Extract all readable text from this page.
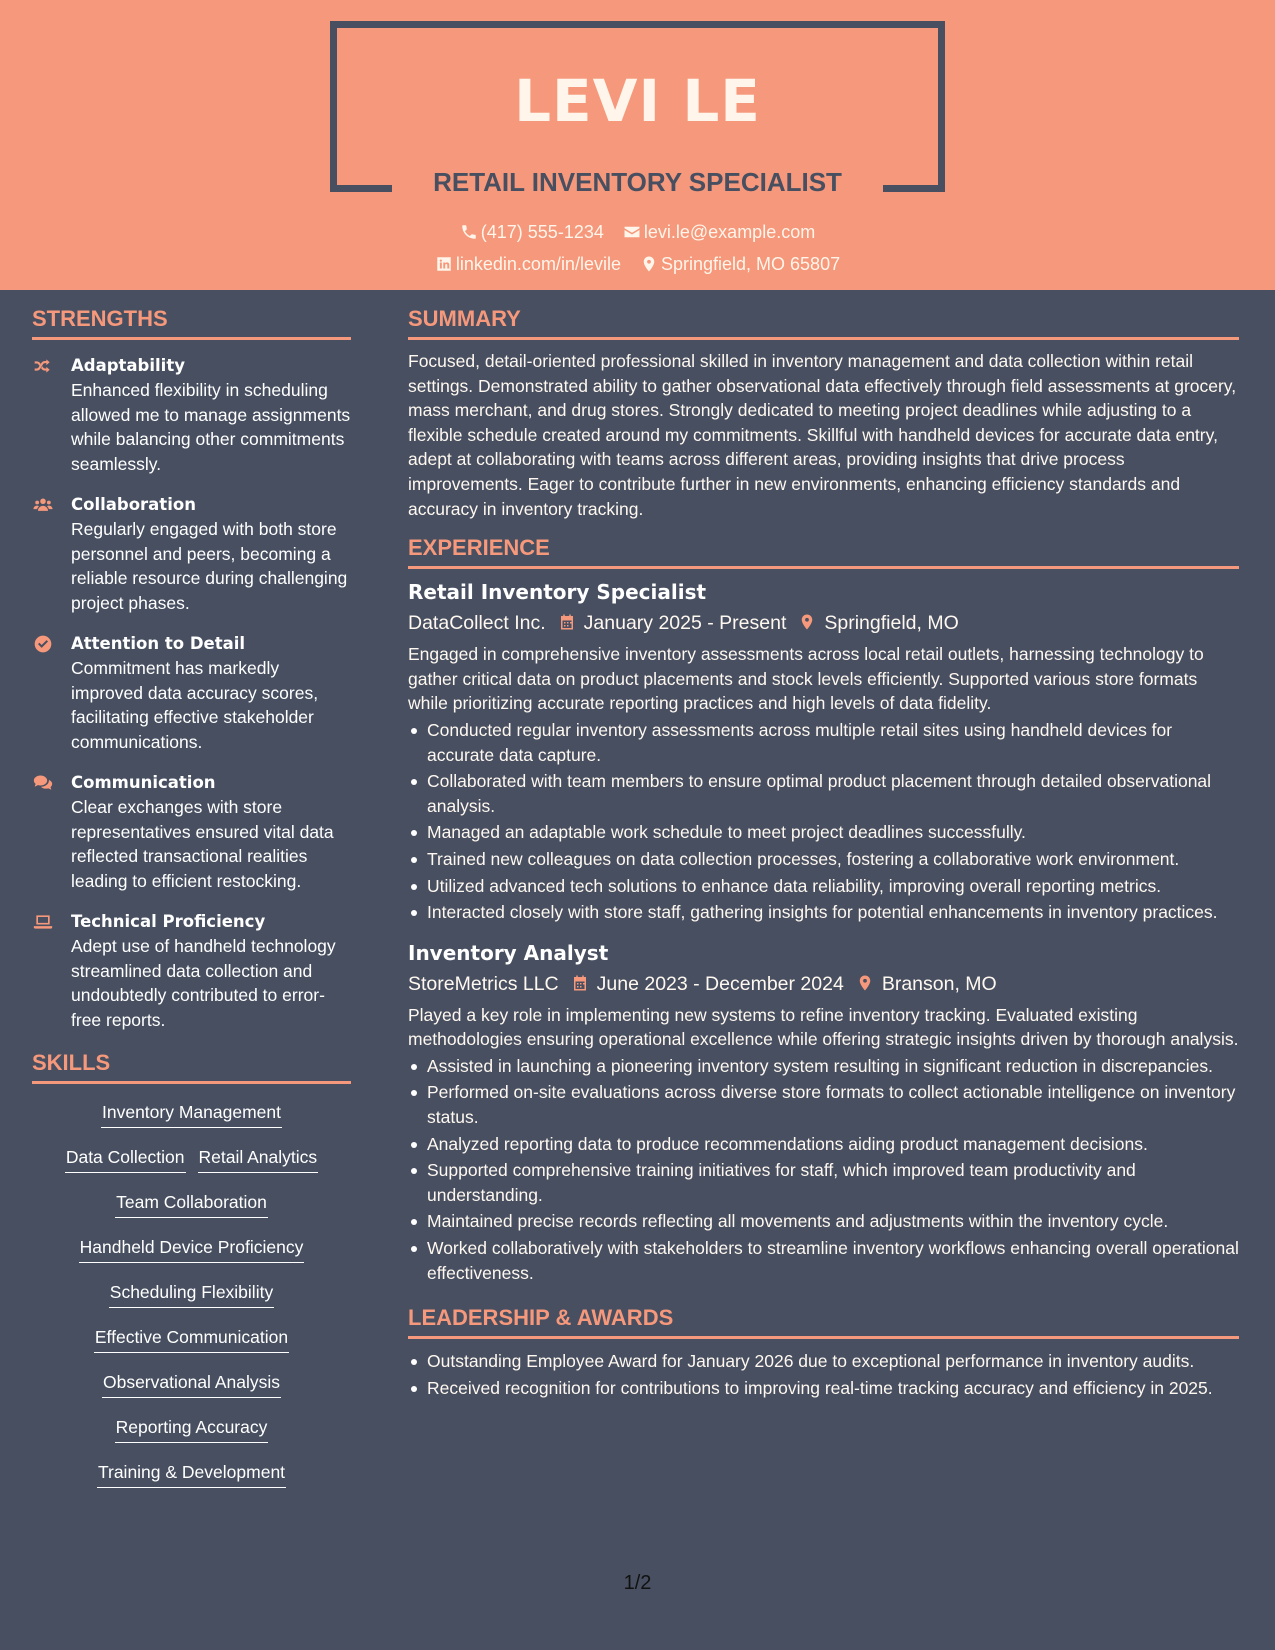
LEVI LE
RETAIL INVENTORY SPECIALIST
(417) 555-1234 levi.le@example.com
linkedin.com/in/levile Springfield, MO 65807
STRENGTHS
Adaptability
Enhanced flexibility in scheduling allowed me to manage assignments while balancing other commitments seamlessly.
Collaboration
Regularly engaged with both store personnel and peers, becoming a reliable resource during challenging project phases.
Attention to Detail
Commitment has markedly improved data accuracy scores, facilitating effective stakeholder communications.
Communication
Clear exchanges with store representatives ensured vital data reflected transactional realities leading to efficient restocking.
Technical Proficiency
Adept use of handheld technology streamlined data collection and undoubtedly contributed to error-free reports.
SKILLS
Inventory Management
Data Collection Retail Analytics
Team Collaboration
Handheld Device Proficiency
Scheduling Flexibility
Effective Communication
Observational Analysis
Reporting Accuracy
Training & Development
SUMMARY
Focused, detail-oriented professional skilled in inventory management and data collection within retail settings. Demonstrated ability to gather observational data effectively through field assessments at grocery, mass merchant, and drug stores. Strongly dedicated to meeting project deadlines while adjusting to a flexible schedule created around my commitments. Skillful with handheld devices for accurate data entry, adept at collaborating with teams across different areas, providing insights that drive process improvements. Eager to contribute further in new environments, enhancing efficiency standards and accuracy in inventory tracking.
EXPERIENCE
Retail Inventory Specialist
DataCollect Inc. January 2025 - Present Springfield, MO
Engaged in comprehensive inventory assessments across local retail outlets, harnessing technology to gather critical data on product placements and stock levels efficiently. Supported various store formats while prioritizing accurate reporting practices and high levels of data fidelity.
Conducted regular inventory assessments across multiple retail sites using handheld devices for accurate data capture.
Collaborated with team members to ensure optimal product placement through detailed observational analysis.
Managed an adaptable work schedule to meet project deadlines successfully.
Trained new colleagues on data collection processes, fostering a collaborative work environment.
Utilized advanced tech solutions to enhance data reliability, improving overall reporting metrics.
Interacted closely with store staff, gathering insights for potential enhancements in inventory practices.
Inventory Analyst
StoreMetrics LLC June 2023 - December 2024 Branson, MO
Played a key role in implementing new systems to refine inventory tracking. Evaluated existing methodologies ensuring operational excellence while offering strategic insights driven by thorough analysis.
Assisted in launching a pioneering inventory system resulting in significant reduction in discrepancies.
Performed on-site evaluations across diverse store formats to collect actionable intelligence on inventory status.
Analyzed reporting data to produce recommendations aiding product management decisions.
Supported comprehensive training initiatives for staff, which improved team productivity and understanding.
Maintained precise records reflecting all movements and adjustments within the inventory cycle.
Worked collaboratively with stakeholders to streamline inventory workflows enhancing overall operational effectiveness.
LEADERSHIP & AWARDS
Outstanding Employee Award for January 2026 due to exceptional performance in inventory audits.
Received recognition for contributions to improving real-time tracking accuracy and efficiency in 2025.
1/2
